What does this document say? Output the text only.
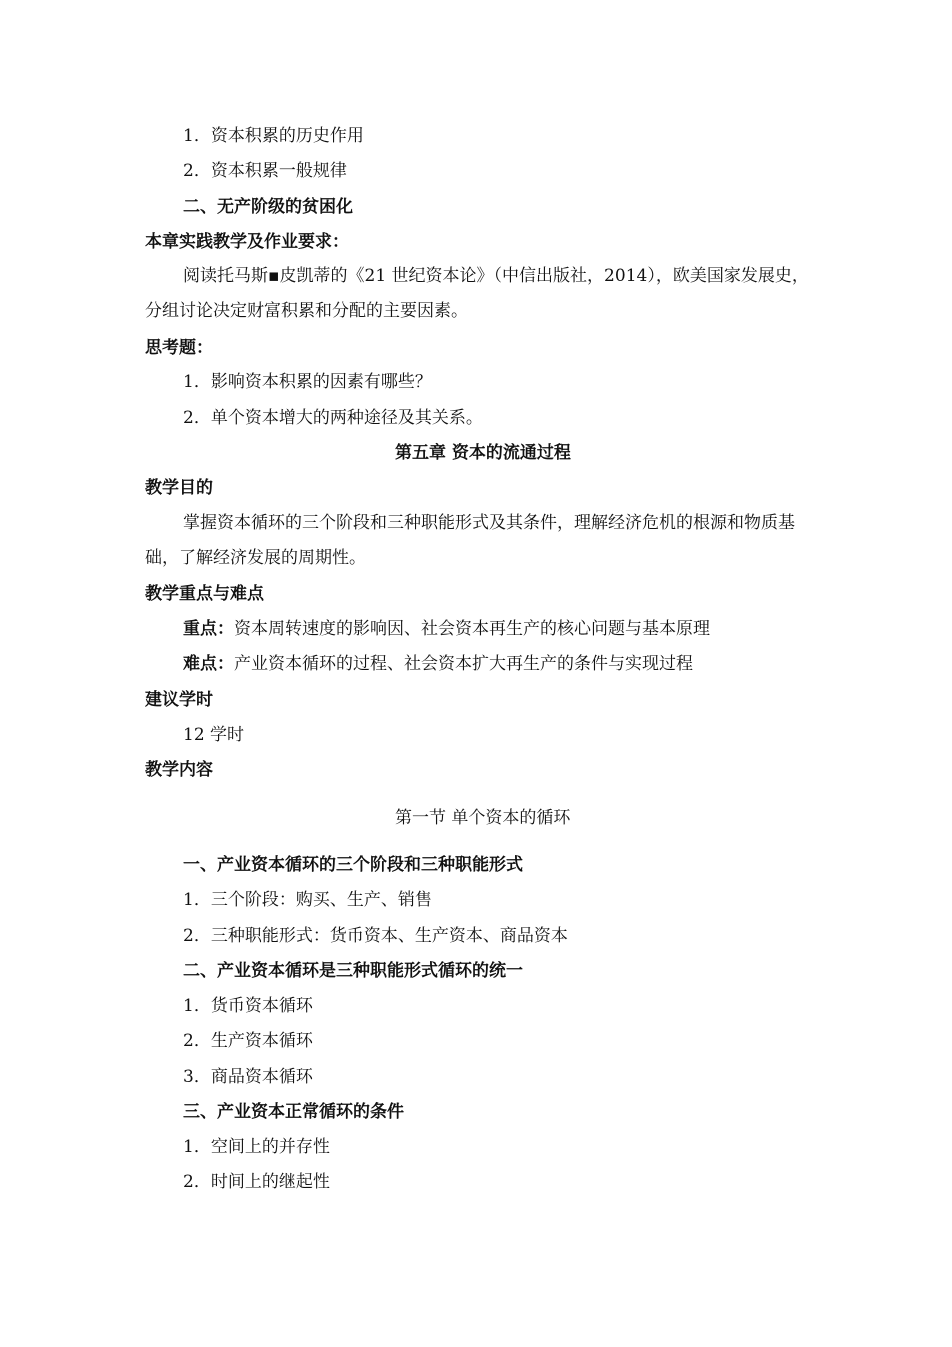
1．资本积累的历史作用
2．资本积累一般规律
二、无产阶级的贫困化
本章实践教学及作业要求：
阅读托马斯▪皮凯蒂的《21 世纪资本论》（中信出版社，2014），欧美国家发展史，分组讨论决定财富积累和分配的主要因素。
思考题：
1．影响资本积累的因素有哪些？
2．单个资本增大的两种途径及其关系。
第五章 资本的流通过程
教学目的
掌握资本循环的三个阶段和三种职能形式及其条件，理解经济危机的根源和物质基础，了解经济发展的周期性。
教学重点与难点
重点：资本周转速度的影响因、社会资本再生产的核心问题与基本原理
难点：产业资本循环的过程、社会资本扩大再生产的条件与实现过程
建议学时
12 学时
教学内容
第一节 单个资本的循环
一、产业资本循环的三个阶段和三种职能形式
1．三个阶段：购买、生产、销售
2．三种职能形式：货币资本、生产资本、商品资本
二、产业资本循环是三种职能形式循环的统一
1．货币资本循环
2．生产资本循环
3．商品资本循环
三、产业资本正常循环的条件
1．空间上的并存性
2．时间上的继起性
